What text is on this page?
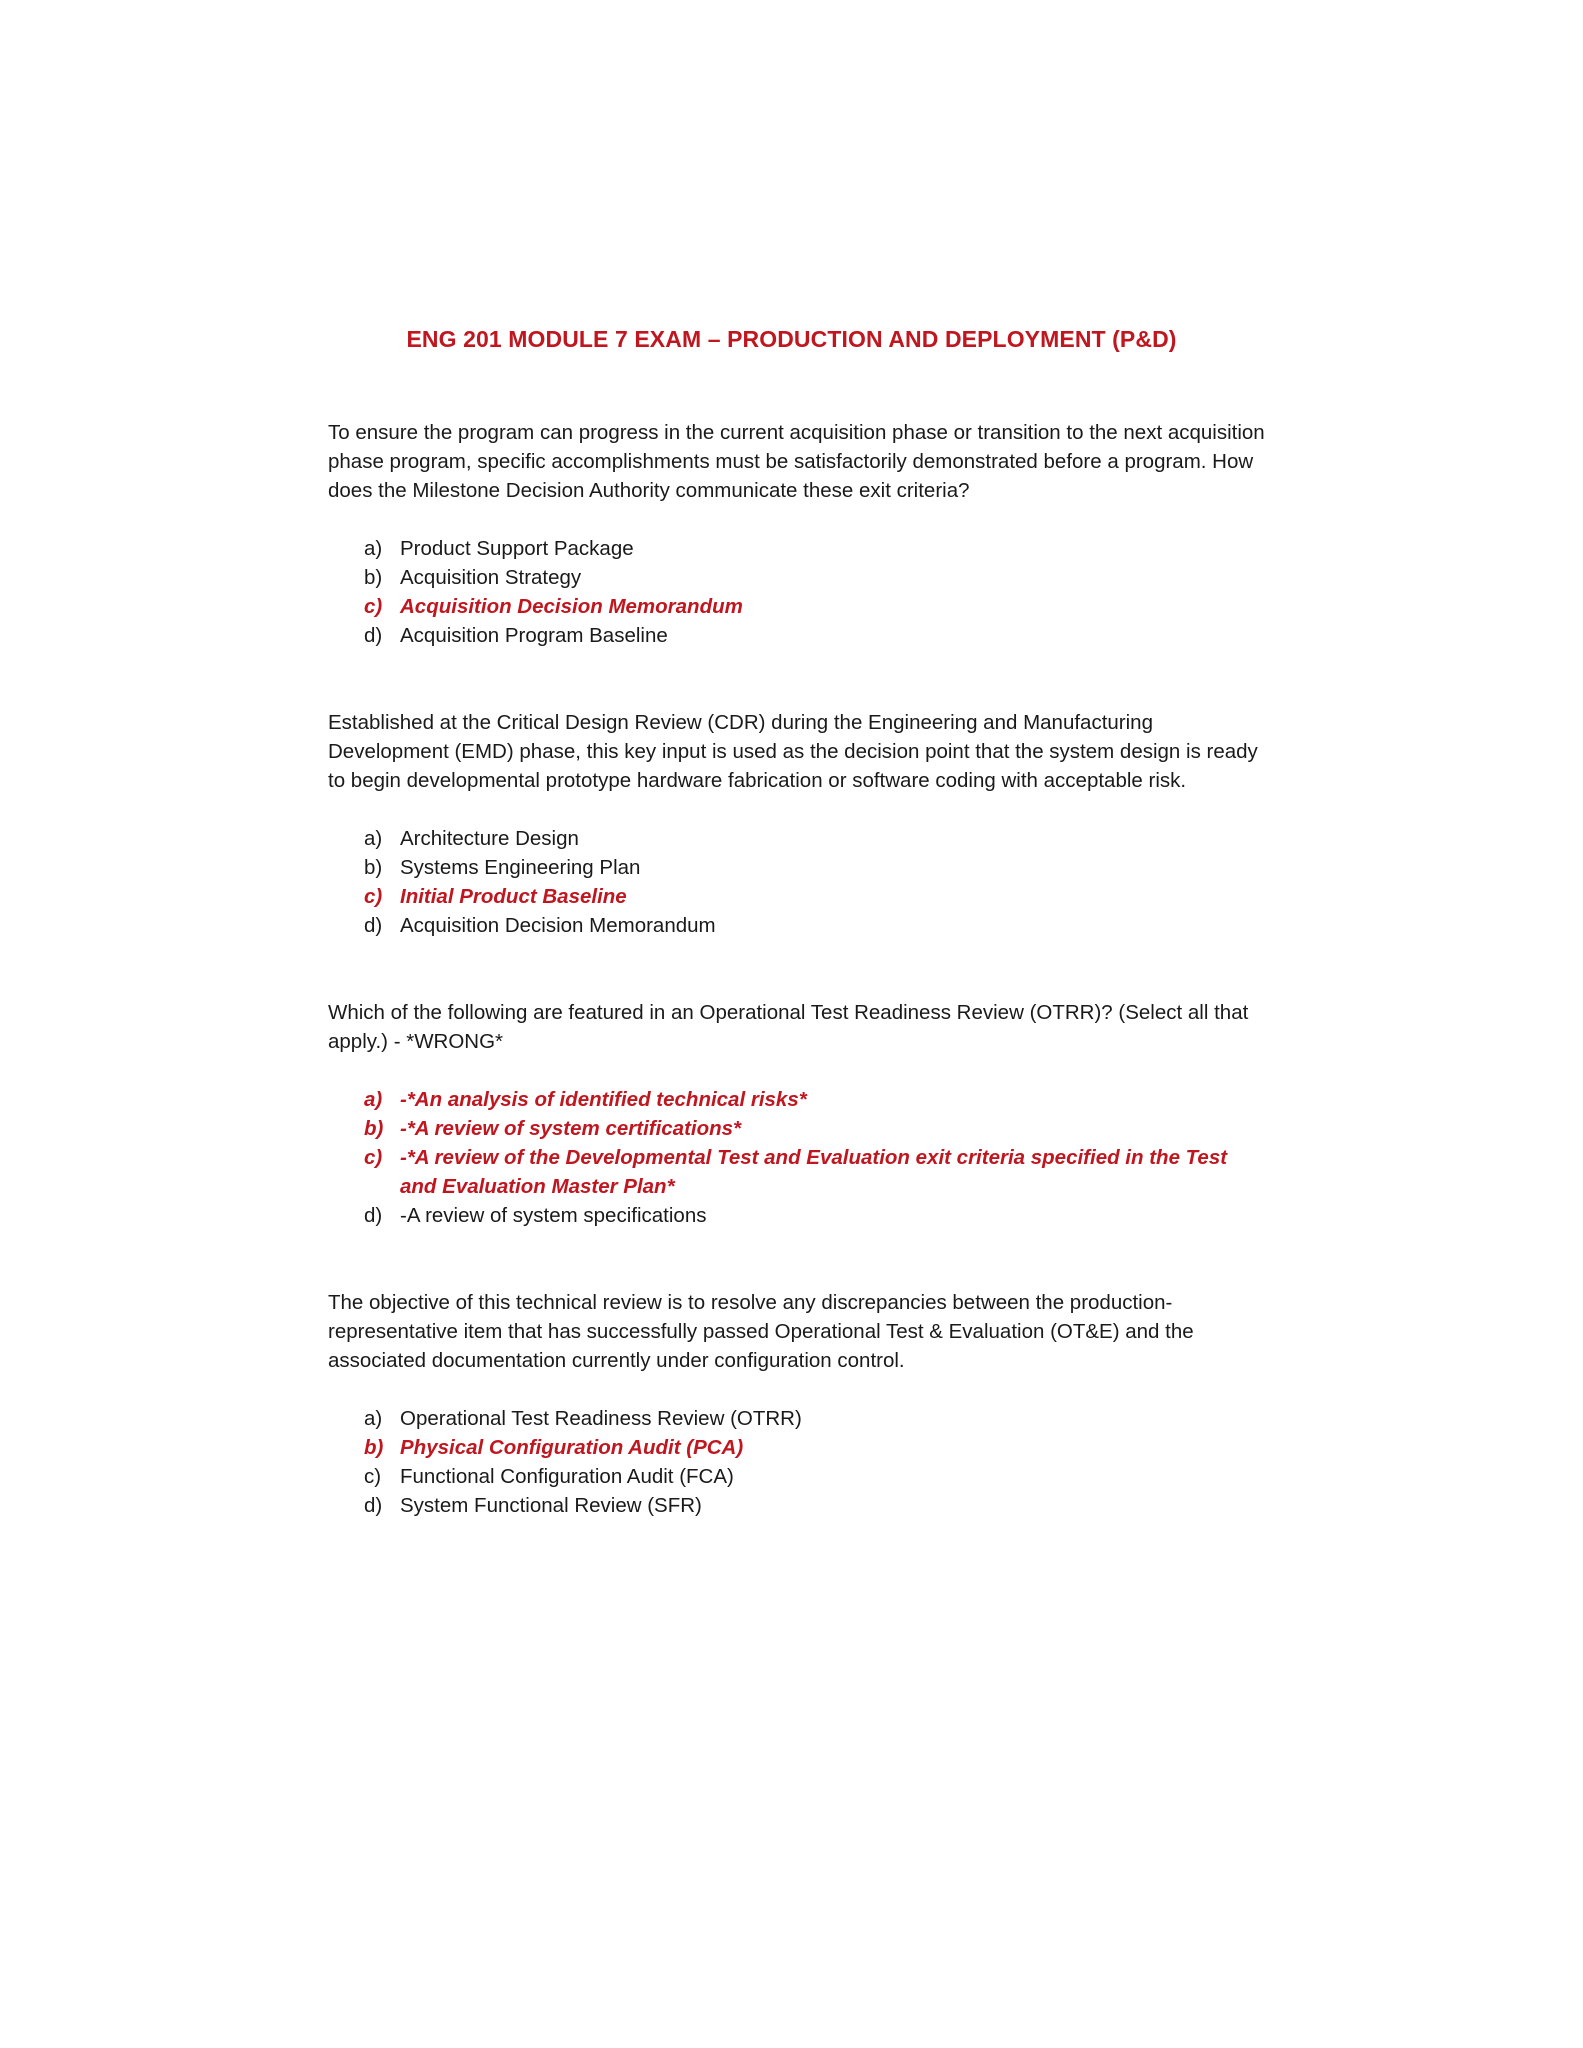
ENG 201 MODULE 7 EXAM – PRODUCTION AND DEPLOYMENT (P&D)

To ensure the program can progress in the current acquisition phase or transition to the next acquisition phase program, specific accomplishments must be satisfactorily demonstrated before a program. How does the Milestone Decision Authority communicate these exit criteria?

a) Product Support Package
b) Acquisition Strategy
c) Acquisition Decision Memorandum
d) Acquisition Program Baseline

Established at the Critical Design Review (CDR) during the Engineering and Manufacturing Development (EMD) phase, this key input is used as the decision point that the system design is ready to begin developmental prototype hardware fabrication or software coding with acceptable risk.

a) Architecture Design
b) Systems Engineering Plan
c) Initial Product Baseline
d) Acquisition Decision Memorandum

Which of the following are featured in an Operational Test Readiness Review (OTRR)? (Select all that apply.) - *WRONG*

a) -*An analysis of identified technical risks*
b) -*A review of system certifications*
c) -*A review of the Developmental Test and Evaluation exit criteria specified in the Test and Evaluation Master Plan*
d) -A review of system specifications

The objective of this technical review is to resolve any discrepancies between the production-representative item that has successfully passed Operational Test & Evaluation (OT&E) and the associated documentation currently under configuration control.

a) Operational Test Readiness Review (OTRR)
b) Physical Configuration Audit (PCA)
c) Functional Configuration Audit (FCA)
d) System Functional Review (SFR)
